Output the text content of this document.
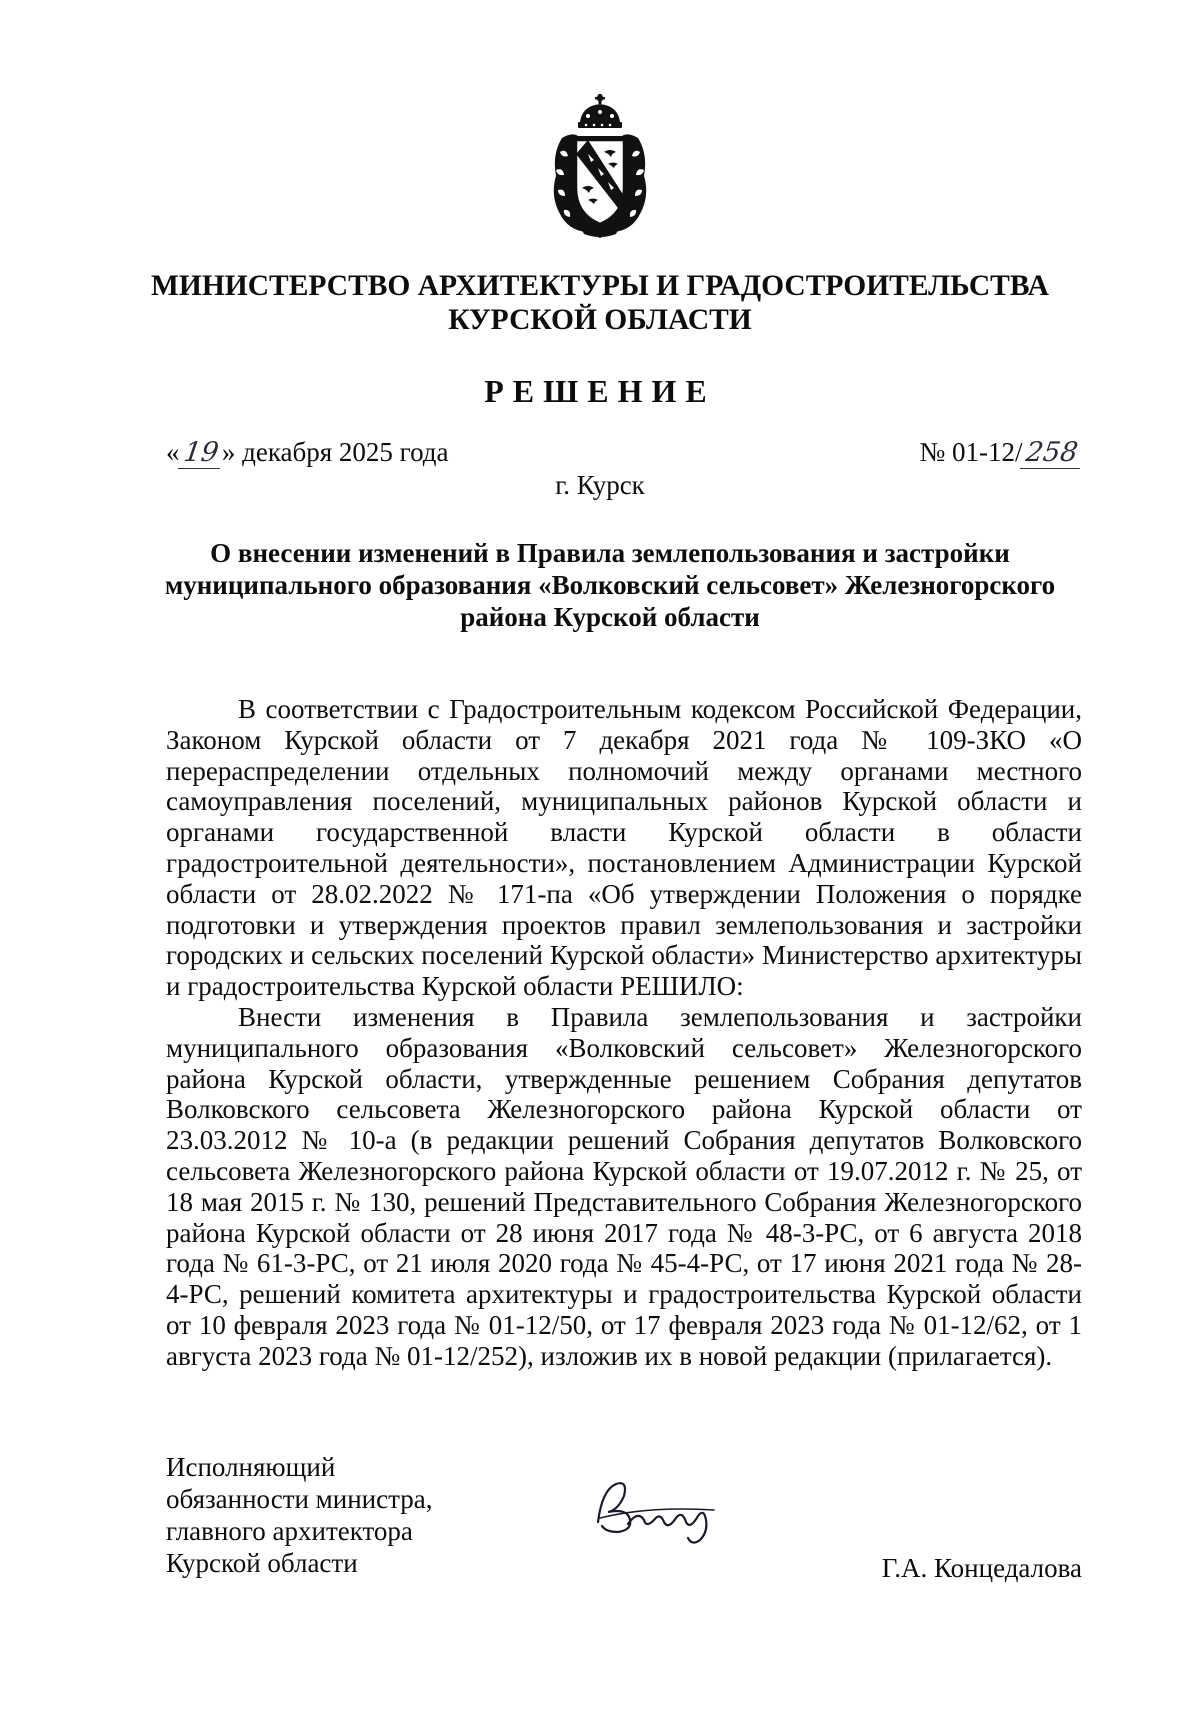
МИНИСТЕРСТВО АРХИТЕКТУРЫ И ГРАДОСТРОИТЕЛЬСТВА
КУРСКОЙ ОБЛАСТИ
РЕШЕНИЕ
«19» декабря 2025 года	№ 01-12/258
г. Курск
О внесении изменений в Правила землепользования и застройки
муниципального образования «Волковский сельсовет» Железногорского
района Курской области

В соответствии с Градостроительным кодексом Российской Федерации, Законом Курской области от 7 декабря 2021 года № 109-ЗКО «О перераспределении отдельных полномочий между органами местного самоуправления поселений, муниципальных районов Курской области и органами государственной власти Курской области в области градостроительной деятельности», постановлением Администрации Курской области от 28.02.2022 № 171-па «Об утверждении Положения о порядке подготовки и утверждения проектов правил землепользования и застройки городских и сельских поселений Курской области» Министерство архитектуры и градостроительства Курской области РЕШИЛО:

Внести изменения в Правила землепользования и застройки муниципального образования «Волковский сельсовет» Железногорского района Курской области, утвержденные решением Собрания депутатов Волковского сельсовета Железногорского района Курской области от 23.03.2012 № 10-а (в редакции решений Собрания депутатов Волковского сельсовета Железногорского района Курской области от 19.07.2012 г. № 25, от 18 мая 2015 г. № 130, решений Представительного Собрания Железногорского района Курской области от 28 июня 2017 года № 48-3-РС, от 6 августа 2018 года № 61-3-РС, от 21 июля 2020 года № 45-4-РС, от 17 июня 2021 года № 28-4-РС, решений комитета архитектуры и градостроительства Курской области от 10 февраля 2023 года № 01-12/50, от 17 февраля 2023 года № 01-12/62, от 1 августа 2023 года № 01-12/252), изложив их в новой редакции (прилагается).

Исполняющий
обязанности министра,
главного архитектора
Курской области	Г.А. Концедалова
